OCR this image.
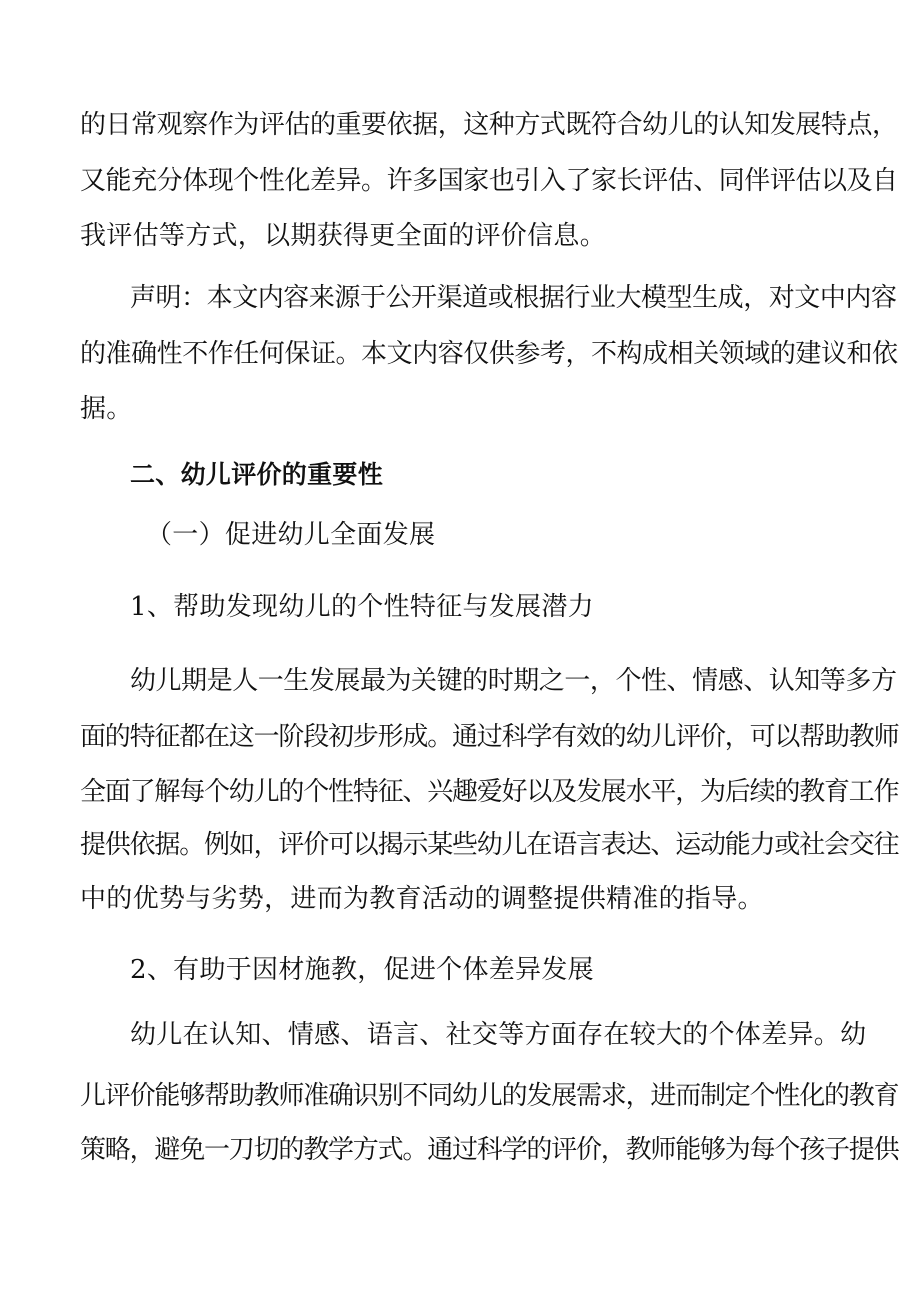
的日常观察作为评估的重要依据，这种方式既符合幼儿的认知发展特点，
又能充分体现个性化差异。许多国家也引入了家长评估、同伴评估以及自
我评估等方式，以期获得更全面的评价信息。
声明：本文内容来源于公开渠道或根据行业大模型生成，对文中内容
的准确性不作任何保证。本文内容仅供参考，不构成相关领域的建议和依
据。
二、幼儿评价的重要性
（一）促进幼儿全面发展
1、帮助发现幼儿的个性特征与发展潜力
幼儿期是人一生发展最为关键的时期之一，个性、情感、认知等多方
面的特征都在这一阶段初步形成。通过科学有效的幼儿评价，可以帮助教师
全面了解每个幼儿的个性特征、兴趣爱好以及发展水平，为后续的教育工作
提供依据。例如，评价可以揭示某些幼儿在语言表达、运动能力或社会交往
中的优势与劣势，进而为教育活动的调整提供精准的指导。
2、有助于因材施教，促进个体差异发展
幼儿在认知、情感、语言、社交等方面存在较大的个体差异。幼
儿评价能够帮助教师准确识别不同幼儿的发展需求，进而制定个性化的教育
策略，避免一刀切的教学方式。通过科学的评价，教师能够为每个孩子提供
